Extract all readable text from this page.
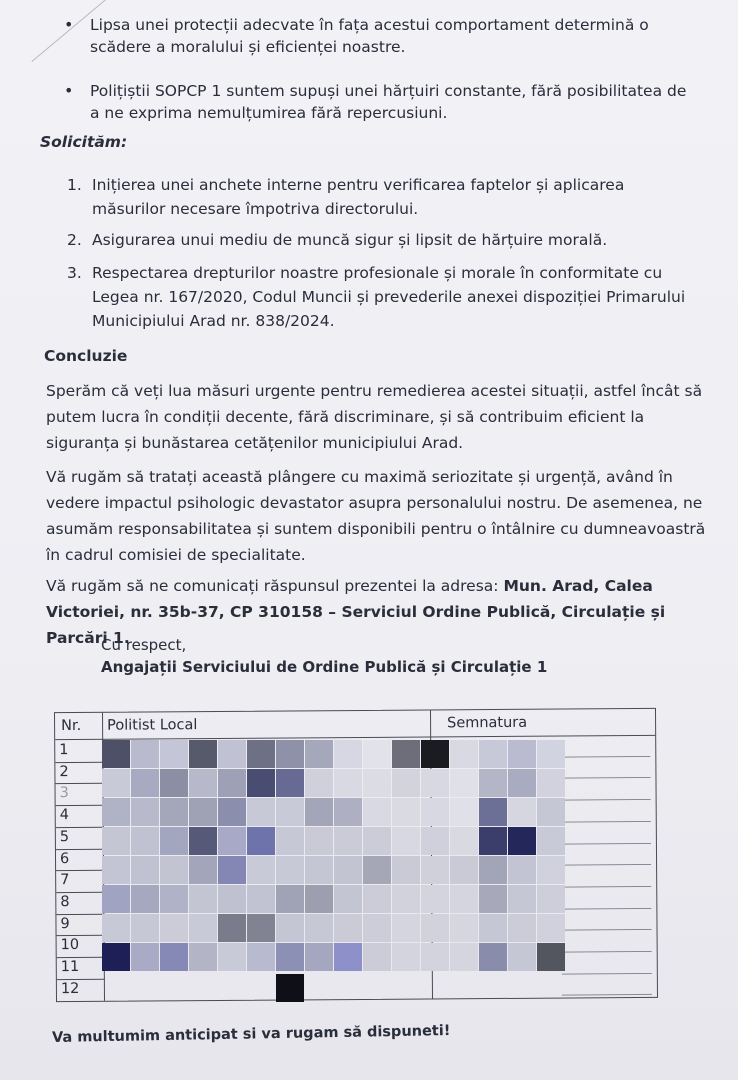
• Lipsa unei protecții adecvate în fața acestui comportament determină o scădere a moralului și eficienței noastre.
• Polițiștii SOPCP 1 suntem supuși unei hărțuiri constante, fără posibilitatea de a ne exprima nemulțumirea fără repercusiuni.
Solicităm:
1. Inițierea unei anchete interne pentru verificarea faptelor și aplicarea măsurilor necesare împotriva directorului.
2. Asigurarea unui mediu de muncă sigur și lipsit de hărțuire morală.
3. Respectarea drepturilor noastre profesionale și morale în conformitate cu Legea nr. 167/2020, Codul Muncii și prevederile anexei dispoziției Primarului Municipiului Arad nr. 838/2024.
Concluzie
Sperăm că veți lua măsuri urgente pentru remedierea acestei situații, astfel încât să putem lucra în condiții decente, fără discriminare, și să contribuim eficient la siguranța și bunăstarea cetățenilor municipiului Arad.
Vă rugăm să tratați această plângere cu maximă seriozitate și urgență, având în vedere impactul psihologic devastator asupra personalului nostru. De asemenea, ne asumăm responsabilitatea și suntem disponibili pentru o întâlnire cu dumneavoastră în cadrul comisiei de specialitate.
Vă rugăm să ne comunicați răspunsul prezentei la adresa: Mun. Arad, Calea Victoriei, nr. 35b-37, CP 310158 – Serviciul Ordine Publică, Circulație și Parcări 1.
Cu respect,
Angajații Serviciului de Ordine Publică și Circulație 1
Nr. Politist Local	Semnatura
1
2
3
4
5
6
7
8
9
10
11
12
Va multumim anticipat si va rugam să dispuneti!
